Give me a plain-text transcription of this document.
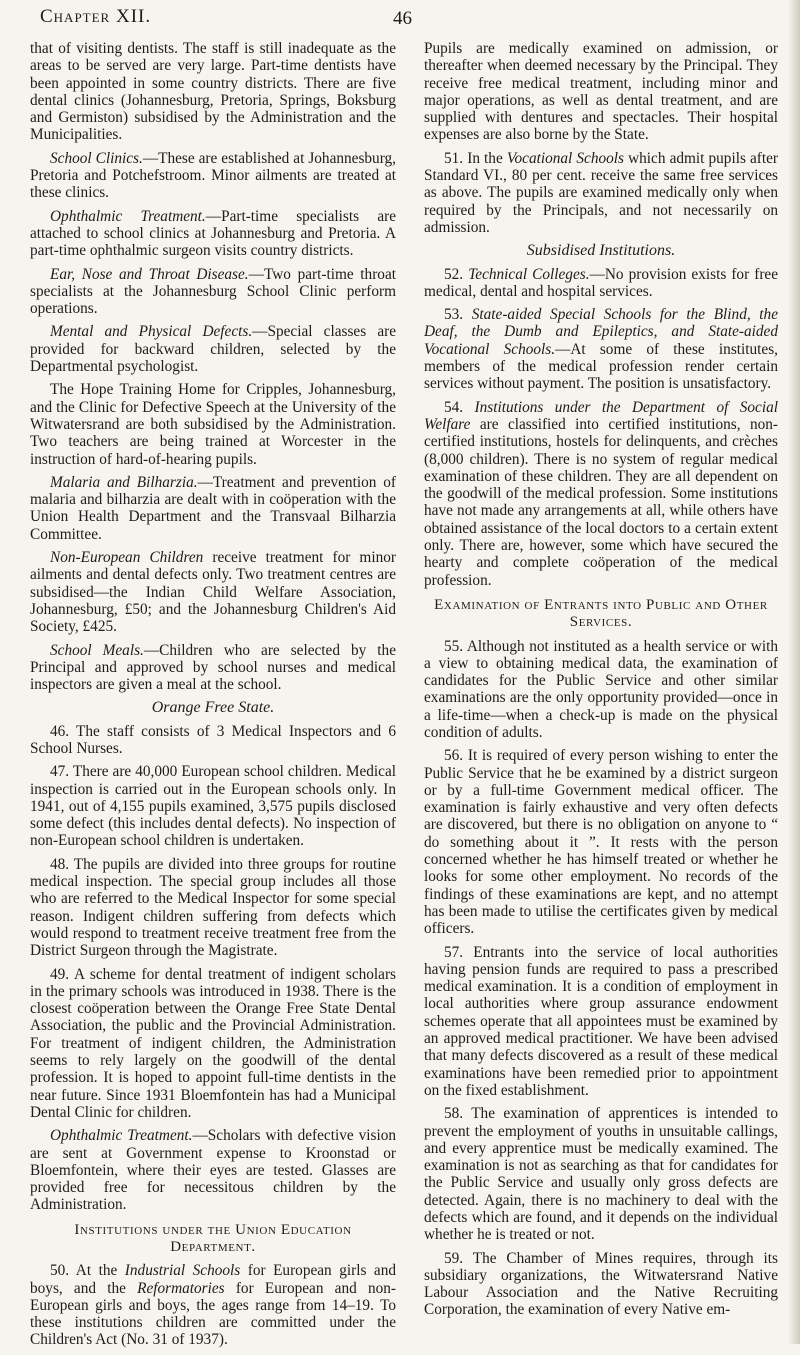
Chapter XII.	46

that of visiting dentists. The staff is still inadequate as the areas to be served are very large. Part-time dentists have been appointed in some country districts. There are five dental clinics (Johannesburg, Pretoria, Springs, Boksburg and Germiston) subsidised by the Administration and the Municipalities.

School Clinics.—These are established at Johannesburg, Pretoria and Potchefstroom. Minor ailments are treated at these clinics.

Ophthalmic Treatment.—Part-time specialists are attached to school clinics at Johannesburg and Pretoria. A part-time ophthalmic surgeon visits country districts.

Ear, Nose and Throat Disease.—Two part-time throat specialists at the Johannesburg School Clinic perform operations.

Mental and Physical Defects.—Special classes are provided for backward children, selected by the Departmental psychologist.

The Hope Training Home for Cripples, Johannesburg, and the Clinic for Defective Speech at the University of the Witwatersrand are both subsidised by the Administration. Two teachers are being trained at Worcester in the instruction of hard-of-hearing pupils.

Malaria and Bilharzia.—Treatment and prevention of malaria and bilharzia are dealt with in coöperation with the Union Health Department and the Transvaal Bilharzia Committee.

Non-European Children receive treatment for minor ailments and dental defects only. Two treatment centres are subsidised—the Indian Child Welfare Association, Johannesburg, £50; and the Johannesburg Children's Aid Society, £425.

School Meals.—Children who are selected by the Principal and approved by school nurses and medical inspectors are given a meal at the school.

Orange Free State.

46. The staff consists of 3 Medical Inspectors and 6 School Nurses.

47. There are 40,000 European school children. Medical inspection is carried out in the European schools only. In 1941, out of 4,155 pupils examined, 3,575 pupils disclosed some defect (this includes dental defects). No inspection of non-European school children is undertaken.

48. The pupils are divided into three groups for routine medical inspection. The special group includes all those who are referred to the Medical Inspector for some special reason. Indigent children suffering from defects which would respond to treatment receive treatment free from the District Surgeon through the Magistrate.

49. A scheme for dental treatment of indigent scholars in the primary schools was introduced in 1938. There is the closest coöperation between the Orange Free State Dental Association, the public and the Provincial Administration. For treatment of indigent children, the Administration seems to rely largely on the goodwill of the dental profession. It is hoped to appoint full-time dentists in the near future. Since 1931 Bloemfontein has had a Municipal Dental Clinic for children.

Ophthalmic Treatment.—Scholars with defective vision are sent at Government expense to Kroonstad or Bloemfontein, where their eyes are tested. Glasses are provided free for necessitous children by the Administration.

Institutions under the Union Education Department.

50. At the Industrial Schools for European girls and boys, and the Reformatories for European and non-European girls and boys, the ages range from 14–19. To these institutions children are committed under the Children's Act (No. 31 of 1937).

Pupils are medically examined on admission, or thereafter when deemed necessary by the Principal. They receive free medical treatment, including minor and major operations, as well as dental treatment, and are supplied with dentures and spectacles. Their hospital expenses are also borne by the State.

51. In the Vocational Schools which admit pupils after Standard VI., 80 per cent. receive the same free services as above. The pupils are examined medically only when required by the Principals, and not necessarily on admission.

Subsidised Institutions.

52. Technical Colleges.—No provision exists for free medical, dental and hospital services.

53. State-aided Special Schools for the Blind, the Deaf, the Dumb and Epileptics, and State-aided Vocational Schools.—At some of these institutes, members of the medical profession render certain services without payment. The position is unsatisfactory.

54. Institutions under the Department of Social Welfare are classified into certified institutions, non-certified institutions, hostels for delinquents, and crèches (8,000 children). There is no system of regular medical examination of these children. They are all dependent on the goodwill of the medical profession. Some institutions have not made any arrangements at all, while others have obtained assistance of the local doctors to a certain extent only. There are, however, some which have secured the hearty and complete coöperation of the medical profession.

Examination of Entrants into Public and Other Services.

55. Although not instituted as a health service or with a view to obtaining medical data, the examination of candidates for the Public Service and other similar examinations are the only opportunity provided—once in a life-time—when a check-up is made on the physical condition of adults.

56. It is required of every person wishing to enter the Public Service that he be examined by a district surgeon or by a full-time Government medical officer. The examination is fairly exhaustive and very often defects are discovered, but there is no obligation on anyone to “ do something about it ”. It rests with the person concerned whether he has himself treated or whether he looks for some other employment. No records of the findings of these examinations are kept, and no attempt has been made to utilise the certificates given by medical officers.

57. Entrants into the service of local authorities having pension funds are required to pass a prescribed medical examination. It is a condition of employment in local authorities where group assurance endowment schemes operate that all appointees must be examined by an approved medical practitioner. We have been advised that many defects discovered as a result of these medical examinations have been remedied prior to appointment on the fixed establishment.

58. The examination of apprentices is intended to prevent the employment of youths in unsuitable callings, and every apprentice must be medically examined. The examination is not as searching as that for candidates for the Public Service and usually only gross defects are detected. Again, there is no machinery to deal with the defects which are found, and it depends on the individual whether he is treated or not.

59. The Chamber of Mines requires, through its subsidiary organizations, the Witwatersrand Native Labour Association and the Native Recruiting Corporation, the examination of every Native em-
